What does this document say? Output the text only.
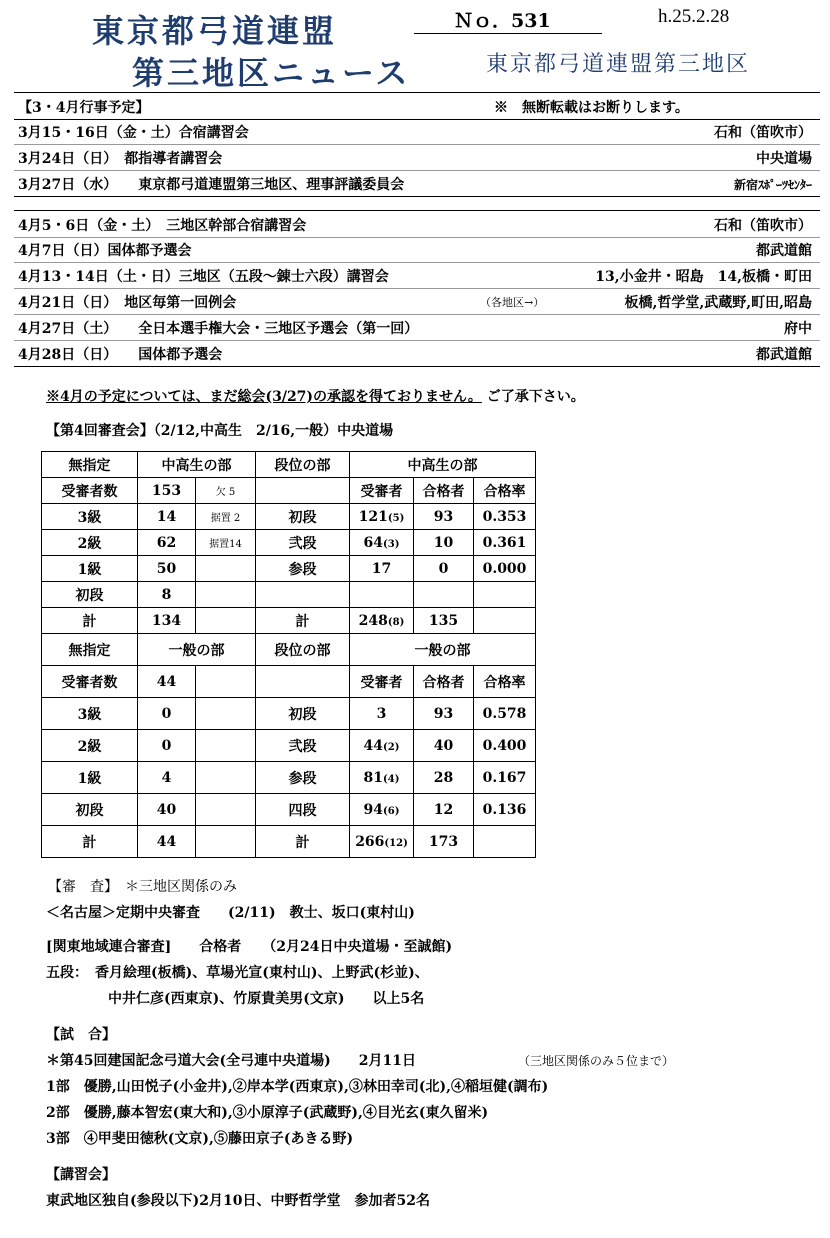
東京都弓道連盟
第三地区ニュース
Ｎｏ．531	h.25.2.28
東京都弓道連盟第三地区
【3・4月行事予定】	※　無断転載はお断りします。
3月15・16日（金・土）合宿講習会	石和（笛吹市）
3月24日（日）　都指導者講習会	中央道場
3月27日（水）　　東京都弓道連盟第三地区、理事評議委員会	新宿ｽﾎﾟｰﾂｾﾝﾀｰ
4月5・6日（金・土）　三地区幹部合宿講習会	石和（笛吹市）
4月7日（日）国体都予選会	都武道館
4月13・14日（土・日）三地区（五段～錬士六段）講習会	13,小金井・昭島　14,板橋・町田
4月21日（日）　地区毎第一回例会	（各地区→）	板橋,哲学堂,武蔵野,町田,昭島
4月27日（土）　　全日本選手権大会・三地区予選会（第一回）	府中
4月28日（日）　　国体都予選会	都武道館
※4月の予定については、まだ総会(3/27)の承認を得ておりません。 ご了承下さい。
【第4回審査会】（2/12,中高生　2/16,一般）中央道場
無指定	中高生の部		段位の部	中高生の部		
受審者数	153	欠 5		受審者	合格者	合格率
3級	14	据置 2	初段	121(5)	93	0.353
2級	62	据置14	弐段	64(3)	10	0.361
1級	50		参段	17	0	0.000
初段	8					
計	134		計	248(8)	135	
無指定	一般の部		段位の部	一般の部		
受審者数	44			受審者	合格者	合格率
3級	0		初段	3	93	0.578
2級	0		弐段	44(2)	40	0.400
1級	4		参段	81(4)	28	0.167
初段	40		四段	94(6)	12	0.136
計	44		計	266(12)	173	
【審　査】　＊三地区関係のみ
＜名古屋＞定期中央審査　　(2/11)　教士、坂口(東村山)
[関東地域連合審査]　　合格者　　（2月24日中央道場・至誠館)
五段：　香月絵理(板橋)、草場光宣(東村山)、上野武(杉並)、
中井仁彦(西東京)、竹原貴美男(文京)　　以上5名
【試　合】
＊第45回建国記念弓道大会(全弓連中央道場)　　2月11日	（三地区関係のみ５位まで）
1部　優勝,山田悦子(小金井),②岸本学(西東京),③林田幸司(北),④稲垣健(調布)
2部　優勝,藤本智宏(東大和),③小原淳子(武蔵野),④目光玄(東久留米)
3部　④甲斐田徳秋(文京),⑤藤田京子(あきる野)
【講習会】
東武地区独自(参段以下)2月10日、中野哲学堂　参加者52名
